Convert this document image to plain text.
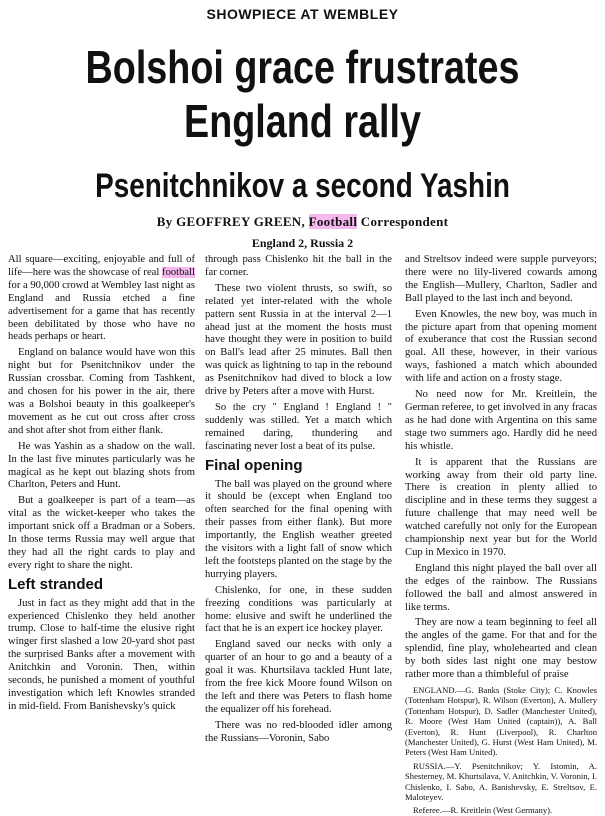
SHOWPIECE AT WEMBLEY
Bolshoi grace frustrates
England rally
Psenitchnikov a second Yashin
By GEOFFREY GREEN, Football Correspondent
England 2, Russia 2

All square—exciting, enjoyable and full of life—here was the showcase of real football for a 90,000 crowd at Wembley last night as England and Russia etched a fine advertisement for a game that has recently been debilitated by those who have no heads perhaps or heart.

England on balance would have won this night but for Psenitchnikov under the Russian crossbar. Coming from Tashkent, and chosen for his power in the air, there was a Bolshoi beauty in this goalkeeper's movement as he cut out cross after cross and shot after shot from either flank.

He was Yashin as a shadow on the wall. In the last five minutes particularly was he magical as he kept out blazing shots from Charlton, Peters and Hunt.

But a goalkeeper is part of a team—as vital as the wicket-keeper who takes the important snick off a Bradman or a Sobers. In those terms Russia may well argue that they had all the right cards to play and every right to share the night.

Left stranded

Just in fact as they might add that in the experienced Chislenko they held another trump. Close to half-time the elusive right winger first slashed a low 20-yard shot past the surprised Banks after a movement with Anitchkin and Voronin. Then, within seconds, he punished a moment of youthful investigation which left Knowles stranded in mid-field. From Banishevsky's quick

through pass Chislenko hit the ball in the far corner.

These two violent thrusts, so swift, so related yet inter-related with the whole pattern sent Russia in at the interval 2—1 ahead just at the moment the hosts must have thought they were in position to build on Ball's lead after 25 minutes. Ball then was quick as lightning to tap in the rebound as Psenitchnikov had dived to block a low drive by Peters after a move with Hurst.

So the cry " England ! England ! " suddenly was stilled. Yet a match which remained daring, thundering and fascinating never lost a beat of its pulse.

Final opening

The ball was played on the ground where it should be (except when England too often searched for the final opening with their passes from either flank). But more importantly, the English weather greeted the visitors with a light fall of snow which left the footsteps planted on the stage by the hurrying players.

Chislenko, for one, in these sudden freezing conditions was particularly at home: elusive and swift he underlined the fact that he is an expert ice hockey player.

England saved our necks with only a quarter of an hour to go and a beauty of a goal it was. Khurtsilava tackled Hunt late, from the free kick Moore found Wilson on the left and there was Peters to flash home the equalizer off his forehead.

There was no red-blooded idler among the Russians—Voronin, Sabo

and Streltsov indeed were supple purveyors; there were no lily-livered cowards among the English—Mullery, Charlton, Sadler and Ball played to the last inch and beyond.

Even Knowles, the new boy, was much in the picture apart from that opening moment of exuberance that cost the Russian second goal. All these, however, in their various ways, fashioned a match which abounded with life and action on a frosty stage.

No need now for Mr. Kreitlein, the German referee, to get involved in any fracas as he had done with Argentina on this same stage two summers ago. Hardly did he need his whistle.

It is apparent that the Russians are working away from their old party line. There is creation in plenty allied to discipline and in these terms they suggest a future challenge that may need well be watched carefully not only for the European championship next year but for the World Cup in Mexico in 1970.

England this night played the ball over all the edges of the rainbow. The Russians followed the ball and almost answered in like terms.

They are now a team beginning to feel all the angles of the game. For that and for the splendid, fine play, wholehearted and clean by both sides last night one may bestow rather more than a thimbleful of praise

ENGLAND.—G. Banks (Stoke City); C. Knowles (Tottenham Hotspur), R. Wilson (Everton), A. Mullery (Tottenham Hotspur), D. Sadler (Manchester United), R. Moore (West Ham United (captain)), A. Ball (Everton), R. Hunt (Liverpool), R. Charlton (Manchester United), G. Hurst (West Ham United), M. Peters (West Ham United).

RUSSIA.—Y. Psenitchnikov; Y. Istomin, A. Shesterney, M. Khurtsilava, V. Anitchkin, V. Voronin, I. Chislenko, I. Sabo, A. Banishevsky, E. Streltsov, E. Maloteyev.

Referee.—R. Kreitlein (West Germany).
